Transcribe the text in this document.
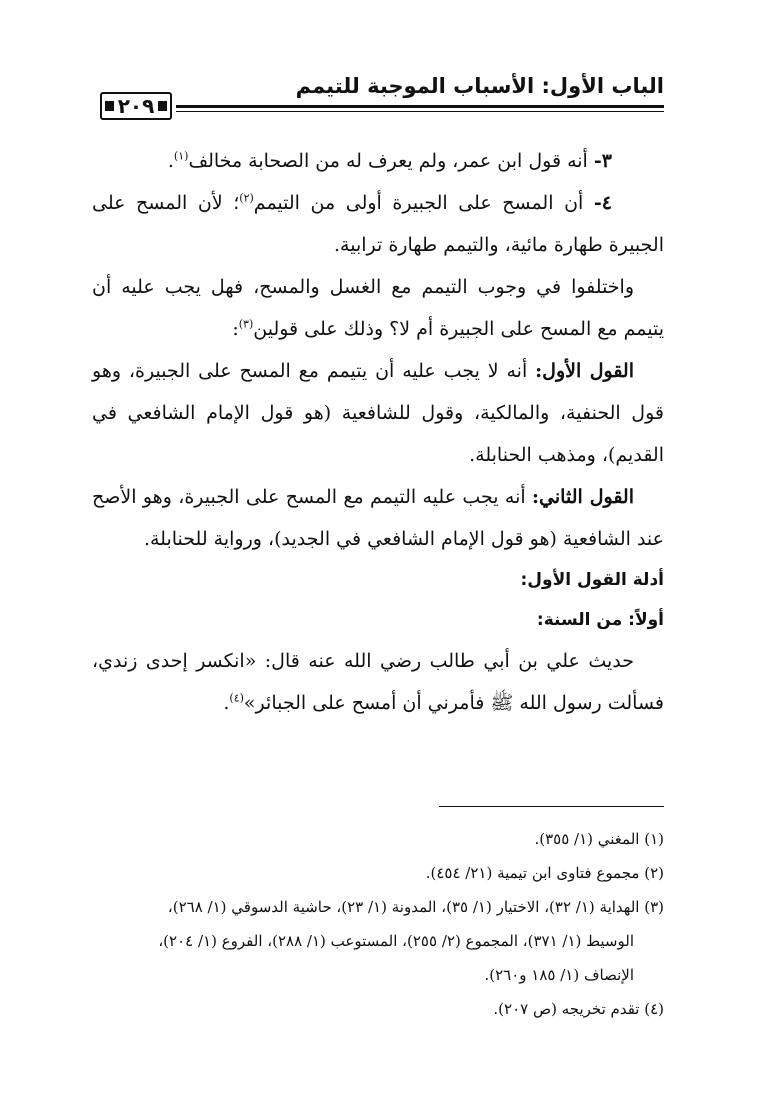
الباب الأول: الأسباب الموجبة للتيمم
٢٠٩

٣- أنه قول ابن عمر، ولم يعرف له من الصحابة مخالف$^{(١)}$.

٤- أن المسح على الجبيرة أولى من التيمم$^{(٢)}$؛ لأن المسح على الجبيرة طهارة مائية، والتيمم طهارة ترابية.

واختلفوا في وجوب التيمم مع الغسل والمسح، فهل يجب عليه أن يتيمم مع المسح على الجبيرة أم لا؟ وذلك على قولين$^{(٣)}$:

القول الأول: أنه لا يجب عليه أن يتيمم مع المسح على الجبيرة، وهو قول الحنفية، والمالكية، وقول للشافعية (هو قول الإمام الشافعي في القديم)، ومذهب الحنابلة.

القول الثاني: أنه يجب عليه التيمم مع المسح على الجبيرة، وهو الأصح عند الشافعية (هو قول الإمام الشافعي في الجديد)، ورواية للحنابلة.

أدلة القول الأول:

أولاً: من السنة:

حديث علي بن أبي طالب رضي الله عنه قال: «انكسر إحدى زندي، فسألت رسول الله ﷺ فأمرني أن أمسح على الجبائر»$^{(٤)}$.

(١) المغني (١/ ٣٥٥).

(٢) مجموع فتاوى ابن تيمية (٢١/ ٤٥٤).

(٣) الهداية (١/ ٣٢)، الاختيار (١/ ٣٥)، المدونة (١/ ٢٣)، حاشية الدسوقي (١/ ٢٦٨)،

الوسيط (١/ ٣٧١)، المجموع (٢/ ٢٥٥)، المستوعب (١/ ٢٨٨)، الفروع (١/ ٢٠٤)،

الإنصاف (١/ ١٨٥ و٢٦٠).

(٤) تقدم تخريجه (ص ٢٠٧).
